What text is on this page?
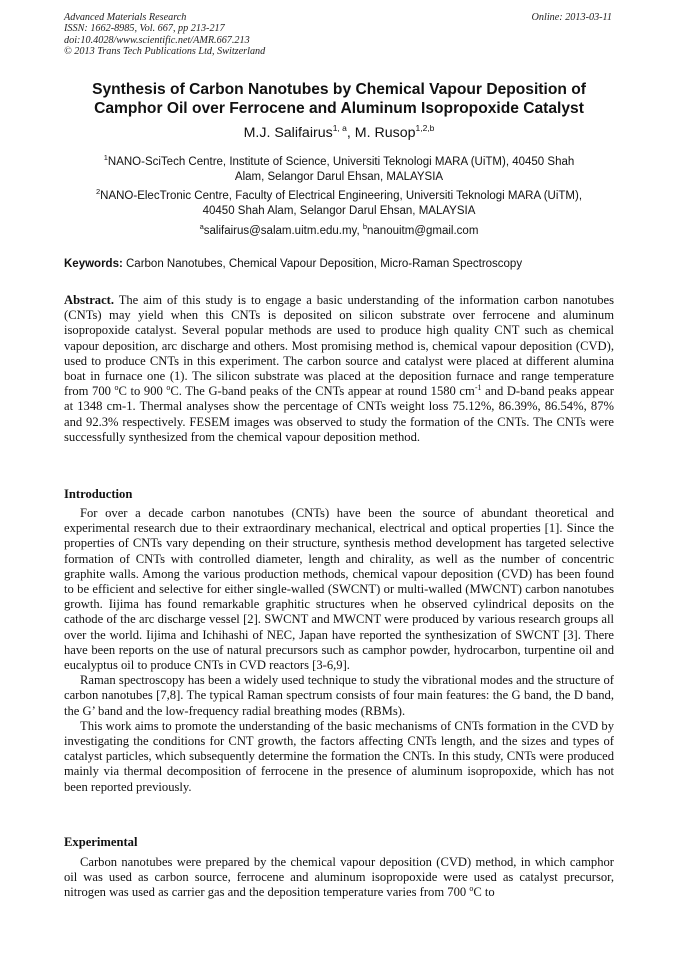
Advanced Materials Research
ISSN: 1662-8985, Vol. 667, pp 213-217
doi:10.4028/www.scientific.net/AMR.667.213
© 2013 Trans Tech Publications Ltd, Switzerland
Online: 2013-03-11
Synthesis of Carbon Nanotubes by Chemical Vapour Deposition of
Camphor Oil over Ferrocene and Aluminum Isopropoxide Catalyst
M.J. Salifairus$^{1, a}$, M. Rusop$^{1,2,b}$
$^1$NANO-SciTech Centre, Institute of Science, Universiti Teknologi MARA (UiTM), 40450 Shah
Alam, Selangor Darul Ehsan, MALAYSIA
$^2$NANO-ElecTronic Centre, Faculty of Electrical Engineering, Universiti Teknologi MARA (UiTM),
40450 Shah Alam, Selangor Darul Ehsan, MALAYSIA
$^a$salifairus@salam.uitm.edu.my, $^b$nanouitm@gmail.com
Keywords: Carbon Nanotubes, Chemical Vapour Deposition, Micro-Raman Spectroscopy

Abstract. The aim of this study is to engage a basic understanding of the information carbon nanotubes (CNTs) may yield when this CNTs is deposited on silicon substrate over ferrocene and aluminum isopropoxide catalyst. Several popular methods are used to produce high quality CNT such as chemical vapour deposition, arc discharge and others. Most promising method is, chemical vapour deposition (CVD), used to produce CNTs in this experiment. The carbon source and catalyst were placed at different alumina boat in furnace one (1). The silicon substrate was placed at the deposition furnace and range temperature from 700 $^o$C to 900 $^o$C. The G-band peaks of the CNTs appear at round 1580 $cm^{-1}$ and D-band peaks appear at 1348 cm-1. Thermal analyses show the percentage of CNTs weight loss 75.12%, 86.39%, 86.54%, 87% and 92.3% respectively. FESEM images was observed to study the formation of the CNTs. The CNTs were successfully synthesized from the chemical vapour deposition method.

Introduction

For over a decade carbon nanotubes (CNTs) have been the source of abundant theoretical and experimental research due to their extraordinary mechanical, electrical and optical properties [1]. Since the properties of CNTs vary depending on their structure, synthesis method development has targeted selective formation of CNTs with controlled diameter, length and chirality, as well as the number of concentric graphite walls. Among the various production methods, chemical vapour deposition (CVD) has been found to be efficient and selective for either single-walled (SWCNT) or multi-walled (MWCNT) carbon nanotubes growth. Iijima has found remarkable graphitic structures when he observed cylindrical deposits on the cathode of the arc discharge vessel [2]. SWCNT and MWCNT were produced by various research groups all over the world. Iijima and Ichihashi of NEC, Japan have reported the synthesization of SWCNT [3]. There have been reports on the use of natural precursors such as camphor powder, hydrocarbon, turpentine oil and eucalyptus oil to produce CNTs in CVD reactors [3-6,9].

Raman spectroscopy has been a widely used technique to study the vibrational modes and the structure of carbon nanotubes [7,8]. The typical Raman spectrum consists of four main features: the G band, the D band, the G’ band and the low-frequency radial breathing modes (RBMs).

This work aims to promote the understanding of the basic mechanisms of CNTs formation in the CVD by investigating the conditions for CNT growth, the factors affecting CNTs length, and the sizes and types of catalyst particles, which subsequently determine the formation the CNTs. In this study, CNTs were produced mainly via thermal decomposition of ferrocene in the presence of aluminum isopropoxide, which has not been reported previously.

Experimental

Carbon nanotubes were prepared by the chemical vapour deposition (CVD) method, in which camphor oil was used as carbon source, ferrocene and aluminum isopropoxide were used as catalyst precursor, nitrogen was used as carrier gas and the deposition temperature varies from 700 $^o$C to
